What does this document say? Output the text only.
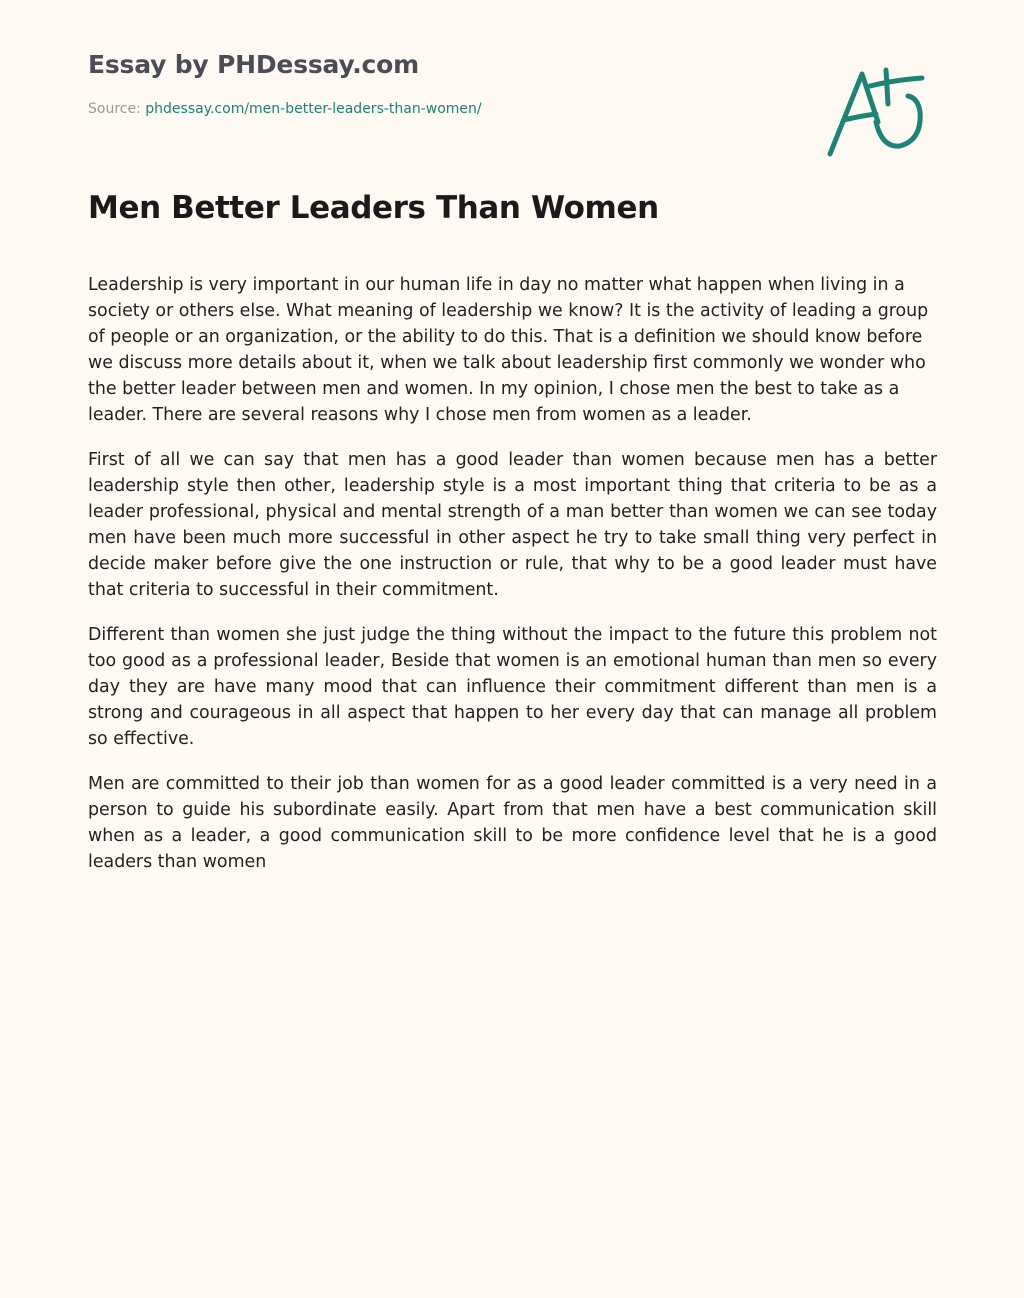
Essay by PHDessay.com
Source: phdessay.com/men-better-leaders-than-women/
Men Better Leaders Than Women

Leadership is very important in our human life in day no matter what happen when living in a society or others else. What meaning of leadership we know? It is the activity of leading a group of people or an organization, or the ability to do this. That is a definition we should know before we discuss more details about it, when we talk about leadership first commonly we wonder who the better leader between men and women. In my opinion, I chose men the best to take as a leader. There are several reasons why I chose men from women as a leader.

First of all we can say that men has a good leader than women because men has a better leadership style then other, leadership style is a most important thing that criteria to be as a leader professional, physical and mental strength of a man better than women we can see today men have been much more successful in other aspect he try to take small thing very perfect in decide maker before give the one instruction or rule, that why to be a good leader must have that criteria to successful in their commitment.

Different than women she just judge the thing without the impact to the future this problem not too good as a professional leader, Beside that women is an emotional human than men so every day they are have many mood that can influence their commitment different than men is a strong and courageous in all aspect that happen to her every day that can manage all problem so effective.

Men are committed to their job than women for as a good leader committed is a very need in a person to guide his subordinate easily. Apart from that men have a best communication skill when as a leader, a good communication skill to be more confidence level that he is a good leaders than women
